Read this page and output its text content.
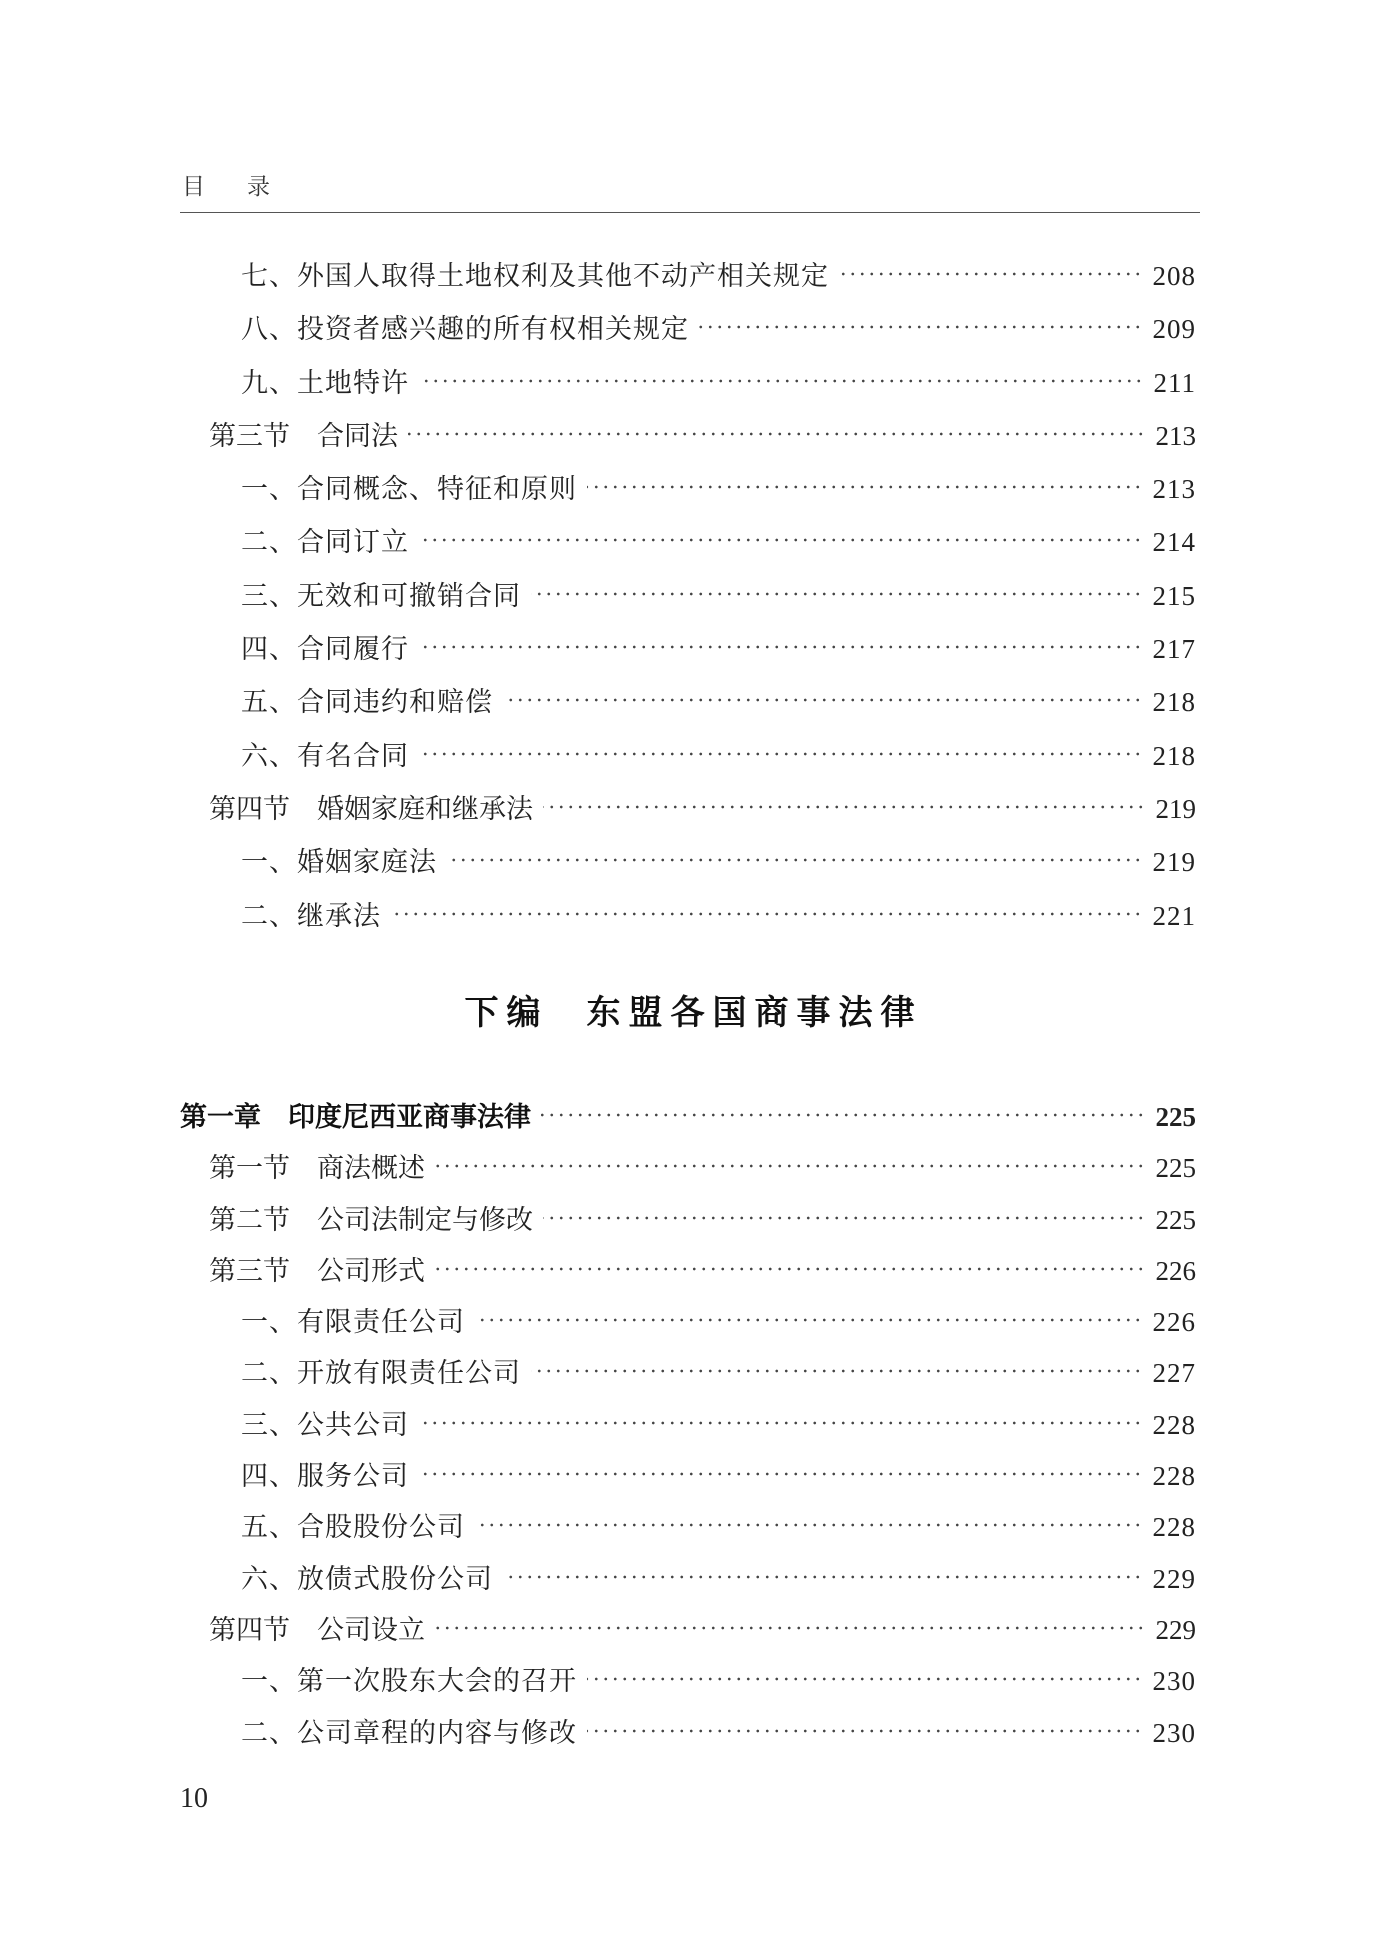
目录
七、外国人取得土地权利及其他不动产相关规定	208
八、投资者感兴趣的所有权相关规定	209
九、土地特许	211
第三节　合同法	213
一、合同概念、特征和原则	213
二、合同订立	214
三、无效和可撤销合同	215
四、合同履行	217
五、合同违约和赔偿	218
六、有名合同	218
第四节　婚姻家庭和继承法	219
一、婚姻家庭法	219
二、继承法	221
下编 东盟各国商事法律
第一章　印度尼西亚商事法律	225
第一节　商法概述	225
第二节　公司法制定与修改	225
第三节　公司形式	226
一、有限责任公司	226
二、开放有限责任公司	227
三、公共公司	228
四、服务公司	228
五、合股股份公司	228
六、放债式股份公司	229
第四节　公司设立	229
一、第一次股东大会的召开	230
二、公司章程的内容与修改	230
10
